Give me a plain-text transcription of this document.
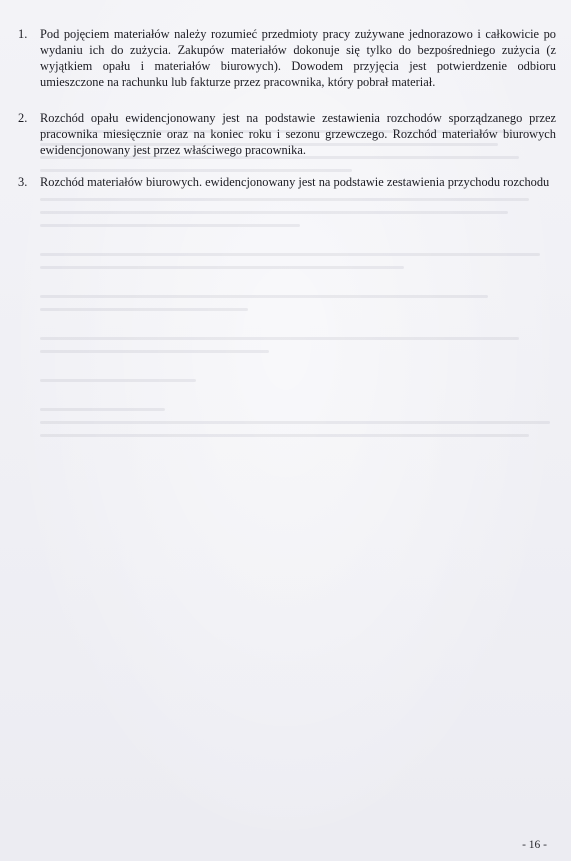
1. Pod pojęciem materiałów należy rozumieć przedmioty pracy zużywane jednorazowo i całkowicie po wydaniu ich do zużycia. Zakupów materiałów dokonuje się tylko do bezpośredniego zużycia (z wyjątkiem opału i materiałów biurowych). Dowodem przyjęcia jest potwierdzenie odbioru umieszczone na rachunku lub fakturze przez pracownika, który pobrał materiał.
2. Rozchód opału ewidencjonowany jest na podstawie zestawienia rozchodów sporządzanego przez pracownika miesięcznie oraz na koniec roku i sezonu grzewczego. Rozchód materiałów biurowych ewidencjonowany jest przez właściwego pracownika.
3. Rozchód materiałów biurowych. ewidencjonowany jest na podstawie zestawienia przychodu rozchodu
- 16 -
